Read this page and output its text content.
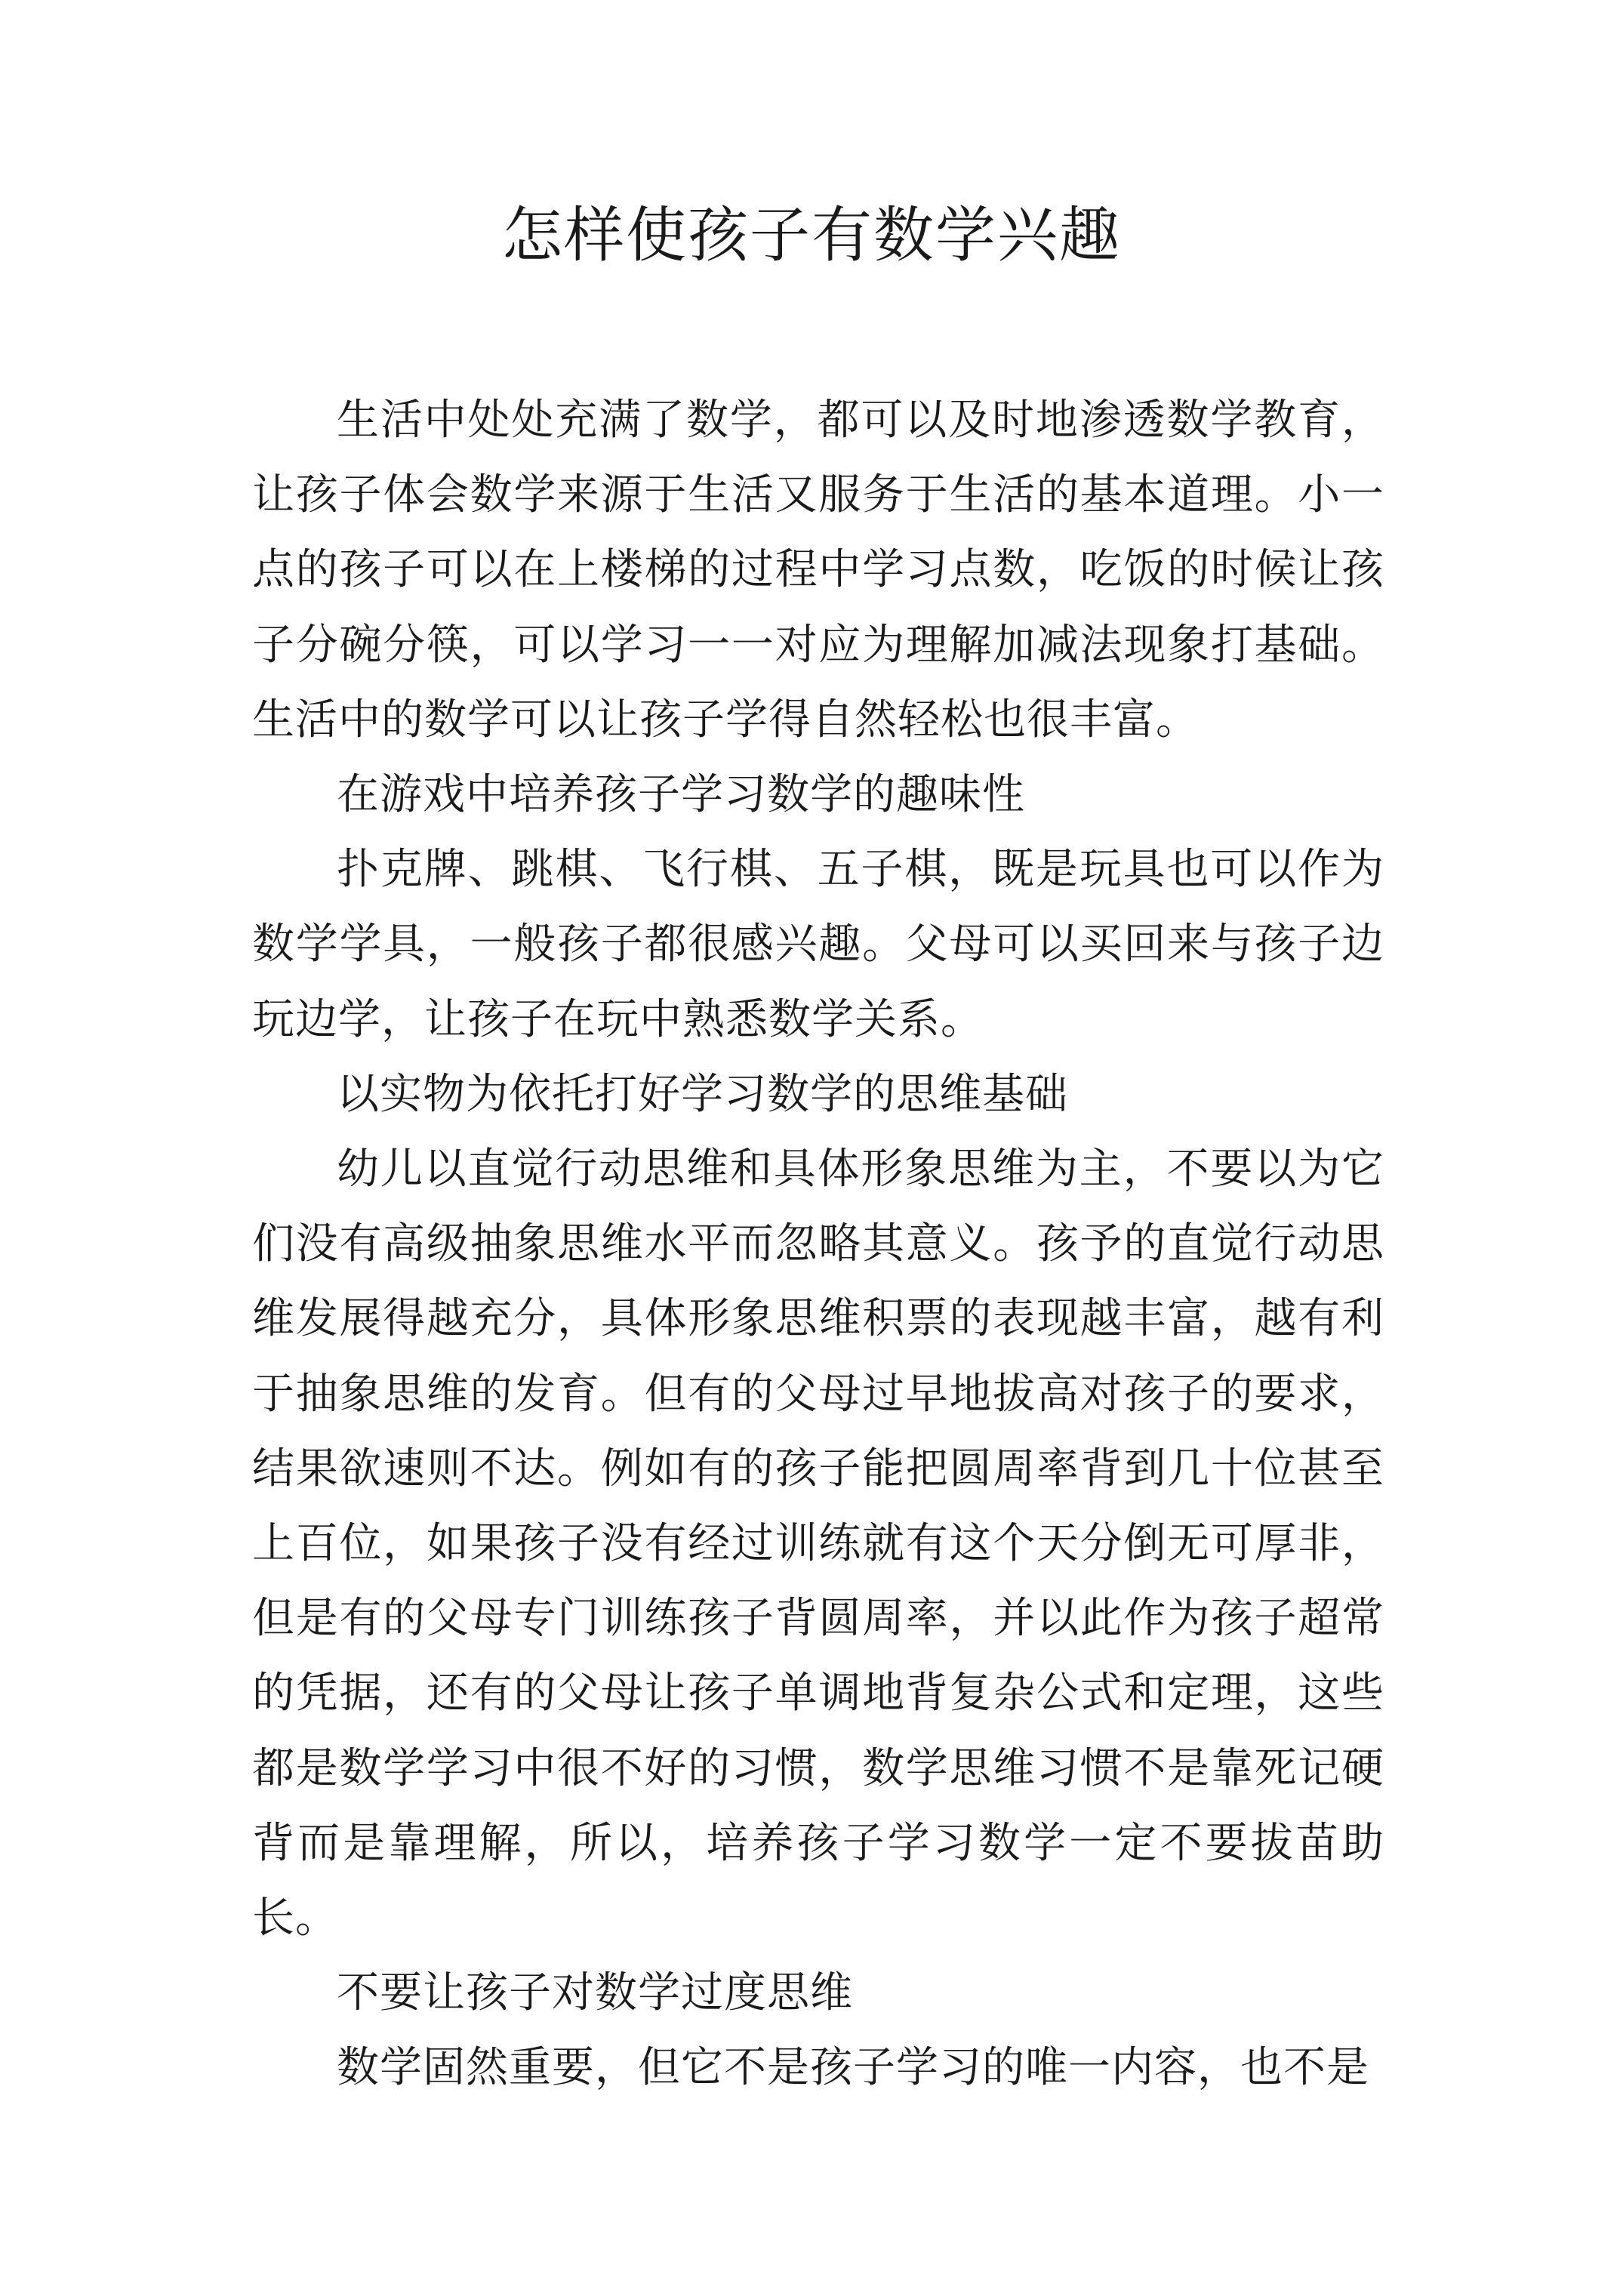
怎样使孩子有数学兴趣

生活中处处充满了数学，都可以及时地渗透数学教育，让孩子体会数学来源于生活又服务于生活的基本道理。小一点的孩子可以在上楼梯的过程中学习点数，吃饭的时候让孩子分碗分筷，可以学习一一对应为理解加减法现象打基础。生活中的数学可以让孩子学得自然轻松也很丰富。

在游戏中培养孩子学习数学的趣味性

扑克牌、跳棋、飞行棋、五子棋，既是玩具也可以作为数学学具，一般孩子都很感兴趣。父母可以买回来与孩子边玩边学，让孩子在玩中熟悉数学关系。

以实物为依托打好学习数学的思维基础

幼儿以直觉行动思维和具体形象思维为主，不要以为它们没有高级抽象思维水平而忽略其意义。孩予的直觉行动思维发展得越充分，具体形象思维积票的表现越丰富，越有利于抽象思维的发育。但有的父母过早地拔高对孩子的要求，结果欲速则不达。例如有的孩子能把圆周率背到几十位甚至上百位，如果孩子没有经过训练就有这个天分倒无可厚非，但是有的父母专门训练孩子背圆周率，并以此作为孩子超常的凭据，还有的父母让孩子单调地背复杂公式和定理，这些都是数学学习中很不好的习惯，数学思维习惯不是靠死记硬背而是靠理解，所以，培养孩子学习数学一定不要拔苗助长。

不要让孩子对数学过度思维

数学固然重要，但它不是孩子学习的唯一内容，也不是
